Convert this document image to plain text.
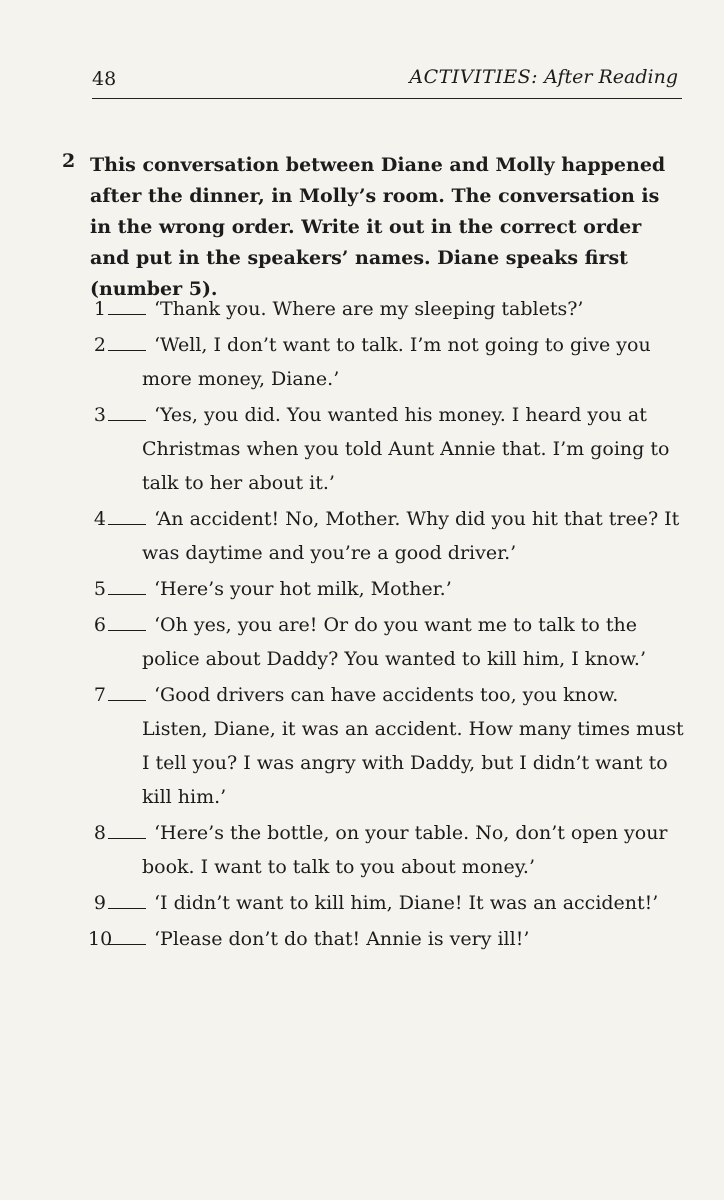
48	ACTIVITIES: After Reading
2 This conversation between Diane and Molly happened after the dinner, in Molly’s room. The conversation is in the wrong order. Write it out in the correct order and put in the speakers’ names. Diane speaks first (number 5).
1	‘Thank you. Where are my sleeping tablets?’
2	‘Well, I don’t want to talk. I’m not going to give you more money, Diane.’
3	‘Yes, you did. You wanted his money. I heard you at Christmas when you told Aunt Annie that. I’m going to talk to her about it.’
4	‘An accident! No, Mother. Why did you hit that tree? It was daytime and you’re a good driver.’
5	‘Here’s your hot milk, Mother.’
6	‘Oh yes, you are! Or do you want me to talk to the police about Daddy? You wanted to kill him, I know.’
7	‘Good drivers can have accidents too, you know. Listen, Diane, it was an accident. How many times must I tell you? I was angry with Daddy, but I didn’t want to kill him.’
8	‘Here’s the bottle, on your table. No, don’t open your book. I want to talk to you about money.’
9	‘I didn’t want to kill him, Diane! It was an accident!’
10 ‘Please don’t do that! Annie is very ill!’
